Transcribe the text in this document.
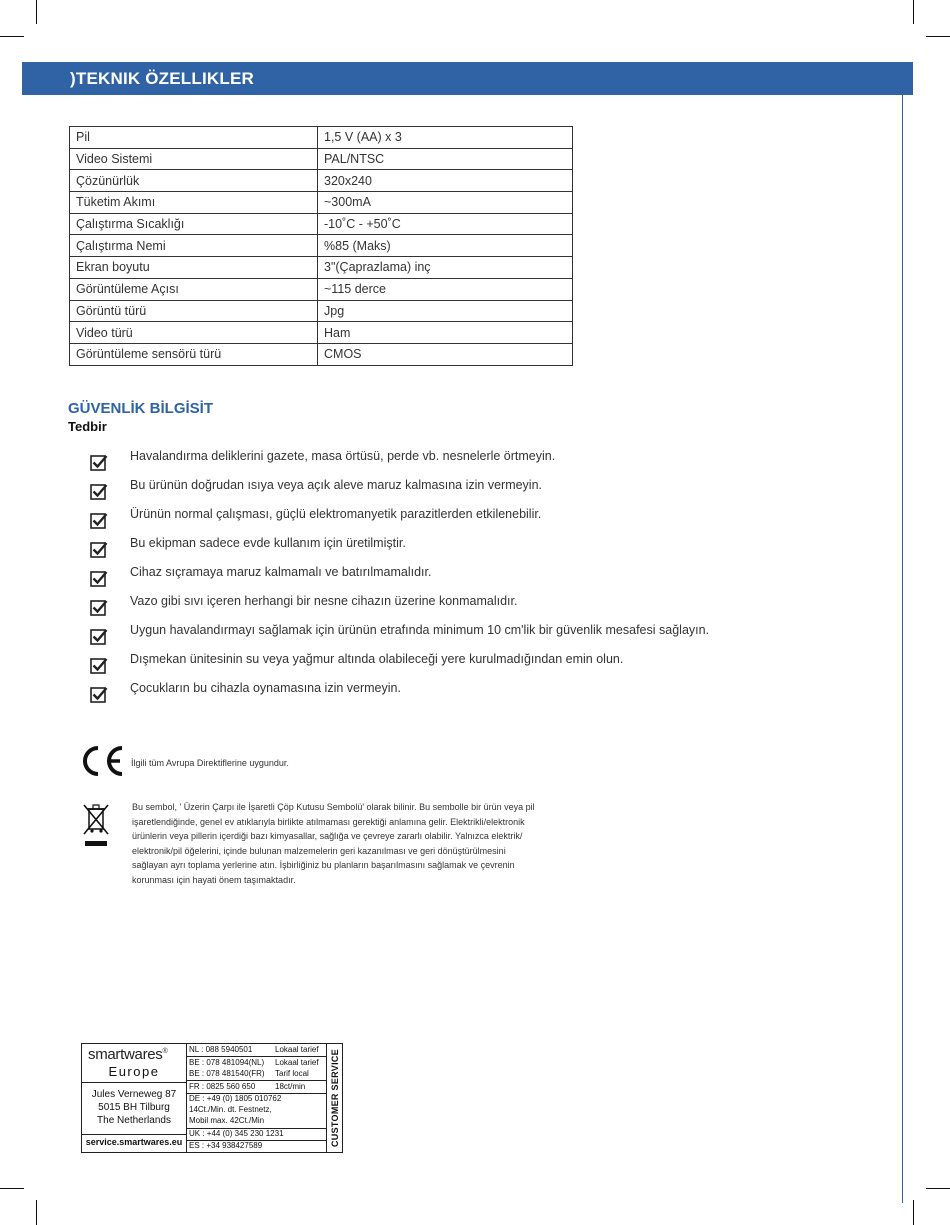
)TEKNIK ÖZELLIKLER
Pil	1,5 V (AA) x 3
Video Sistemi	PAL/NTSC
Çözünürlük	320x240
Tüketim Akımı	~300mA
Çalıştırma Sıcaklığı	-10˚C - +50˚C
Çalıştırma Nemi	%85 (Maks)
Ekran boyutu	3"(Çaprazlama) inç
Görüntüleme Açısı	~115 derce
Görüntü türü	Jpg
Video türü	Ham
Görüntüleme sensörü türü	CMOS
GÜVENLİK BİLGİSİT
Tedbir
Havalandırma deliklerini gazete, masa örtüsü, perde vb. nesnelerle örtmeyin.
Bu ürünün doğrudan ısıya veya açık aleve maruz kalmasına izin vermeyin.
Ürünün normal çalışması, güçlü elektromanyetik parazitlerden etkilenebilir.
Bu ekipman sadece evde kullanım için üretilmiştir.
Cihaz sıçramaya maruz kalmamalı ve batırılmamalıdır.
Vazo gibi sıvı içeren herhangi bir nesne cihazın üzerine konmamalıdır.
Uygun havalandırmayı sağlamak için ürünün etrafında minimum 10 cm'lik bir güvenlik mesafesi sağlayın.
Dışmekan ünitesinin su veya yağmur altında olabileceği yere kurulmadığından emin olun.
Çocukların bu cihazla oynamasına izin vermeyin.
İlgili tüm Avrupa Direktiflerine uygundur.
Bu sembol, ' Üzerin Çarpı ile İşaretli Çöp Kutusu Sembolü' olarak bilinir. Bu sembolle bir ürün veya pil
işaretlendiğinde, genel ev atıklarıyla birlikte atılmaması gerektiği anlamına gelir. Elektrikli/elektronik
ürünlerin veya pillerin içerdiği bazı kimyasallar, sağlığa ve çevreye zararlı olabilir. Yalnızca elektrik/
elektronik/pil öğelerini, içinde bulunan malzemelerin geri kazanılması ve geri dönüştürülmesini
sağlayan ayrı toplama yerlerine atın. İşbirliğiniz bu planların başarılmasını sağlamak ve çevrenin
korunması için hayati önem taşımaktadır.
smartwares®
Europe
Jules Verneweg 87
5015 BH Tilburg
The Netherlands
service.smartwares.eu
NL : 088 5940501	Lokaal tarief
BE : 078 481094(NL) Lokaal tarief
BE : 078 481540(FR) Tarif local
FR : 0825 560 650 18ct/min
DE : +49 (0) 1805 010762
14Ct./Min. dt. Festnetz,
Mobil max. 42Ct./Min
UK : +44 (0) 345 230 1231
ES : +34 938427589	CUSTOMER SERVICE
